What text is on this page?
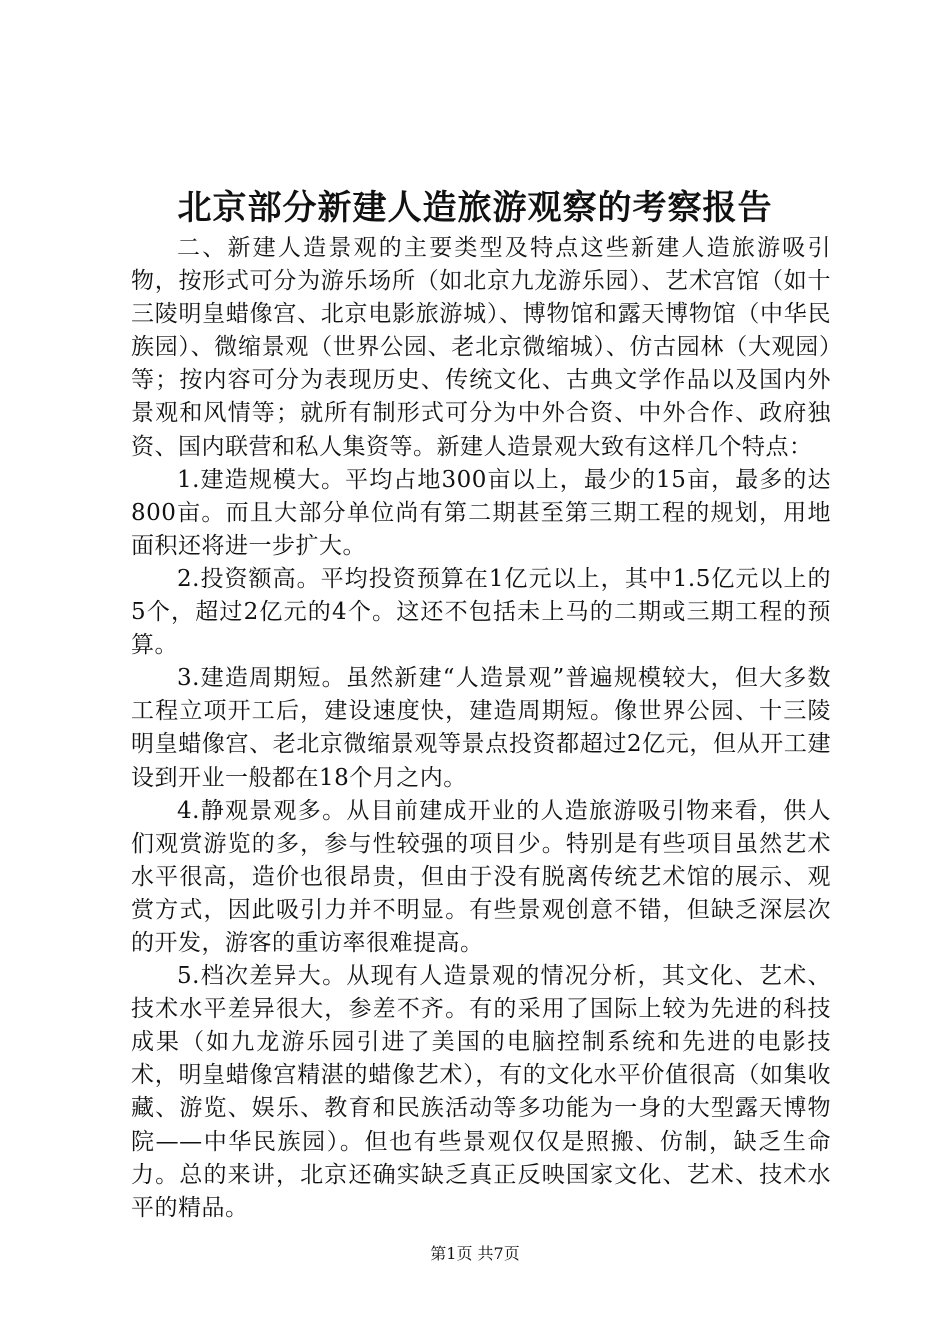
北京部分新建人造旅游观察的考察报告

二、新建人造景观的主要类型及特点这些新建人造旅游吸引物，按形式可分为游乐场所（如北京九龙游乐园）、艺术宫馆（如十三陵明皇蜡像宫、北京电影旅游城）、博物馆和露天博物馆（中华民族园）、微缩景观（世界公园、老北京微缩城）、仿古园林（大观园）等；按内容可分为表现历史、传统文化、古典文学作品以及国内外景观和风情等；就所有制形式可分为中外合资、中外合作、政府独资、国内联营和私人集资等。新建人造景观大致有这样几个特点：

1.建造规模大。平均占地300亩以上，最少的15亩，最多的达800亩。而且大部分单位尚有第二期甚至第三期工程的规划，用地面积还将进一步扩大。

2.投资额高。平均投资预算在1亿元以上，其中1.5亿元以上的5个，超过2亿元的4个。这还不包括未上马的二期或三期工程的预算。

3.建造周期短。虽然新建“人造景观”普遍规模较大，但大多数工程立项开工后，建设速度快，建造周期短。像世界公园、十三陵明皇蜡像宫、老北京微缩景观等景点投资都超过2亿元，但从开工建设到开业一般都在18个月之内。

4.静观景观多。从目前建成开业的人造旅游吸引物来看，供人们观赏游览的多，参与性较强的项目少。特别是有些项目虽然艺术水平很高，造价也很昂贵，但由于没有脱离传统艺术馆的展示、观赏方式，因此吸引力并不明显。有些景观创意不错，但缺乏深层次的开发，游客的重访率很难提高。

5.档次差异大。从现有人造景观的情况分析，其文化、艺术、技术水平差异很大，参差不齐。有的采用了国际上较为先进的科技成果（如九龙游乐园引进了美国的电脑控制系统和先进的电影技术，明皇蜡像宫精湛的蜡像艺术），有的文化水平价值很高（如集收藏、游览、娱乐、教育和民族活动等多功能为一身的大型露天博物院——中华民族园）。但也有些景观仅仅是照搬、仿制，缺乏生命力。总的来讲，北京还确实缺乏真正反映国家文化、艺术、技术水平的精品。

第1页 共7页
